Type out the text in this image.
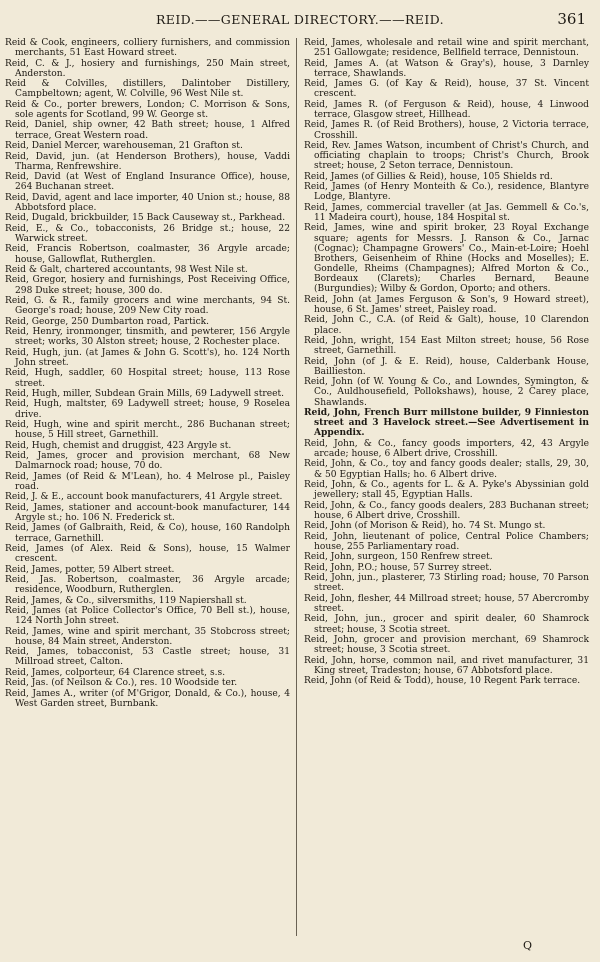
REID.——GENERAL DIRECTORY.——REID.	361

Reid & Cook, engineers, colliery furnishers, and commission merchants, 51 East Howard street.

Reid, C. & J., hosiery and furnishings, 250 Main street, Anderston.

Reid & Colvilles, distillers, Dalintober Distillery, Campbeltown; agent, W. Colville, 96 West Nile st.

Reid & Co., porter brewers, London; C. Morrison & Sons, sole agents for Scotland, 99 W. George st.

Reid, Daniel, ship owner, 42 Bath street; house, 1 Alfred terrace, Great Western road.

Reid, Daniel Mercer, warehouseman, 21 Grafton st.

Reid, David, jun. (at Henderson Brothers), house, Vaddi Tharma, Renfrewshire.

Reid, David (at West of England Insurance Office), house, 264 Buchanan street.

Reid, David, agent and lace importer, 40 Union st.; house, 88 Abbotsford place.

Reid, Dugald, brickbuilder, 15 Back Causeway st., Parkhead.

Reid, E., & Co., tobacconists, 26 Bridge st.; house, 22 Warwick street.

Reid, Francis Robertson, coalmaster, 36 Argyle arcade; house, Gallowflat, Rutherglen.

Reid & Galt, chartered accountants, 98 West Nile st.

Reid, Gregor, hosiery and furnishings, Post Receiving Office, 298 Duke street; house, 300 do.

Reid, G. & R., family grocers and wine merchants, 94 St. George's road; house, 209 New City road.

Reid, George, 250 Dumbarton road, Partick.

Reid, Henry, ironmonger, tinsmith, and pewterer, 156 Argyle street; works, 30 Alston street; house, 2 Rochester place.

Reid, Hugh, jun. (at James & John G. Scott's), ho. 124 North John street.

Reid, Hugh, saddler, 60 Hospital street; house, 113 Rose street.

Reid, Hugh, miller, Subdean Grain Mills, 69 Ladywell street.

Reid, Hugh, maltster, 69 Ladywell street; house, 9 Roselea drive.

Reid, Hugh, wine and spirit mercht., 286 Buchanan street; house, 5 Hill street, Garnethill.

Reid, Hugh, chemist and druggist, 423 Argyle st.

Reid, James, grocer and provision merchant, 68 New Dalmarnock road; house, 70 do.

Reid, James (of Reid & M'Lean), ho. 4 Melrose pl., Paisley road.

Reid, J. & E., account book manufacturers, 41 Argyle street.

Reid, James, stationer and account-book manufacturer, 144 Argyle st.; ho. 106 N. Frederick st.

Reid, James (of Galbraith, Reid, & Co), house, 160 Randolph terrace, Garnethill.

Reid, James (of Alex. Reid & Sons), house, 15 Walmer crescent.

Reid, James, potter, 59 Albert street.

Reid, Jas. Robertson, coalmaster, 36 Argyle arcade; residence, Woodburn, Rutherglen.

Reid, James, & Co., silversmiths, 119 Napiershall st.

Reid, James (at Police Collector's Office, 70 Bell st.), house, 124 North John street.

Reid, James, wine and spirit merchant, 35 Stobcross street; house, 84 Main street, Anderston.

Reid, James, tobacconist, 53 Castle street; house, 31 Millroad street, Calton.

Reid, James, colporteur, 64 Clarence street, s.s.

Reid, Jas. (of Neilson & Co.), res. 10 Woodside ter.

Reid, James A., writer (of M'Grigor, Donald, & Co.), house, 4 West Garden street, Burnbank.

Reid, James, wholesale and retail wine and spirit merchant, 251 Gallowgate; residence, Bellfield terrace, Dennistoun.

Reid, James A. (at Watson & Gray's), house, 3 Darnley terrace, Shawlands.

Reid, James G. (of Kay & Reid), house, 37 St. Vincent crescent.

Reid, James R. (of Ferguson & Reid), house, 4 Linwood terrace, Glasgow street, Hillhead.

Reid, James R. (of Reid Brothers), house, 2 Victoria terrace, Crosshill.

Reid, Rev. James Watson, incumbent of Christ's Church, and officiating chaplain to troops; Christ's Church, Brook street; house, 2 Seton terrace, Dennistoun.

Reid, James (of Gillies & Reid), house, 105 Shields rd.

Reid, James (of Henry Monteith & Co.), residence, Blantyre Lodge, Blantyre.

Reid, James, commercial traveller (at Jas. Gemmell & Co.'s, 11 Madeira court), house, 184 Hospital st.

Reid, James, wine and spirit broker, 23 Royal Exchange square; agents for Messrs. J. Ranson & Co., Jarnac (Cognac); Champagne Growers' Co., Main-et-Loire; Hoehl Brothers, Geisenheim of Rhine (Hocks and Moselles); E. Gondelle, Rheims (Champagnes); Alfred Morton & Co., Bordeaux (Clarets); Charles Bernard, Beaune (Burgundies); Wilby & Gordon, Oporto; and others.

Reid, John (at James Ferguson & Son's, 9 Howard street), house, 6 St. James' street, Paisley road.

Reid, John C., C.A. (of Reid & Galt), house, 10 Clarendon place.

Reid, John, wright, 154 East Milton street; house, 56 Rose street, Garnethill.

Reid, John (of J. & E. Reid), house, Calderbank House, Baillieston.

Reid, John (of W. Young & Co., and Lowndes, Symington, & Co., Auldhousefield, Pollokshaws), house, 2 Carey place, Shawlands.

Reid, John, French Burr millstone builder, 9 Finnieston street and 3 Havelock street.—See Advertisement in Appendix.

Reid, John, & Co., fancy goods importers, 42, 43 Argyle arcade; house, 6 Albert drive, Crosshill.

Reid, John, & Co., toy and fancy goods dealer; stalls, 29, 30, & 50 Egyptian Halls; ho. 6 Albert drive.

Reid, John, & Co., agents for L. & A. Pyke's Abyssinian gold jewellery; stall 45, Egyptian Halls.

Reid, John, & Co., fancy goods dealers, 283 Buchanan street; house, 6 Albert drive, Crosshill.

Reid, John (of Morison & Reid), ho. 74 St. Mungo st.

Reid, John, lieutenant of police, Central Police Chambers; house, 255 Parliamentary road.

Reid, John, surgeon, 150 Renfrew street.

Reid, John, P.O.; house, 57 Surrey street.

Reid, John, jun., plasterer, 73 Stirling road; house, 70 Parson street.

Reid, John, flesher, 44 Millroad street; house, 57 Abercromby street.

Reid, John, jun., grocer and spirit dealer, 60 Shamrock street; house, 3 Scotia street.

Reid, John, grocer and provision merchant, 69 Shamrock street; house, 3 Scotia street.

Reid, John, horse, common nail, and rivet manufacturer, 31 King street, Tradeston; house, 67 Abbotsford place.

Reid, John (of Reid & Todd), house, 10 Regent Park terrace.

Q
